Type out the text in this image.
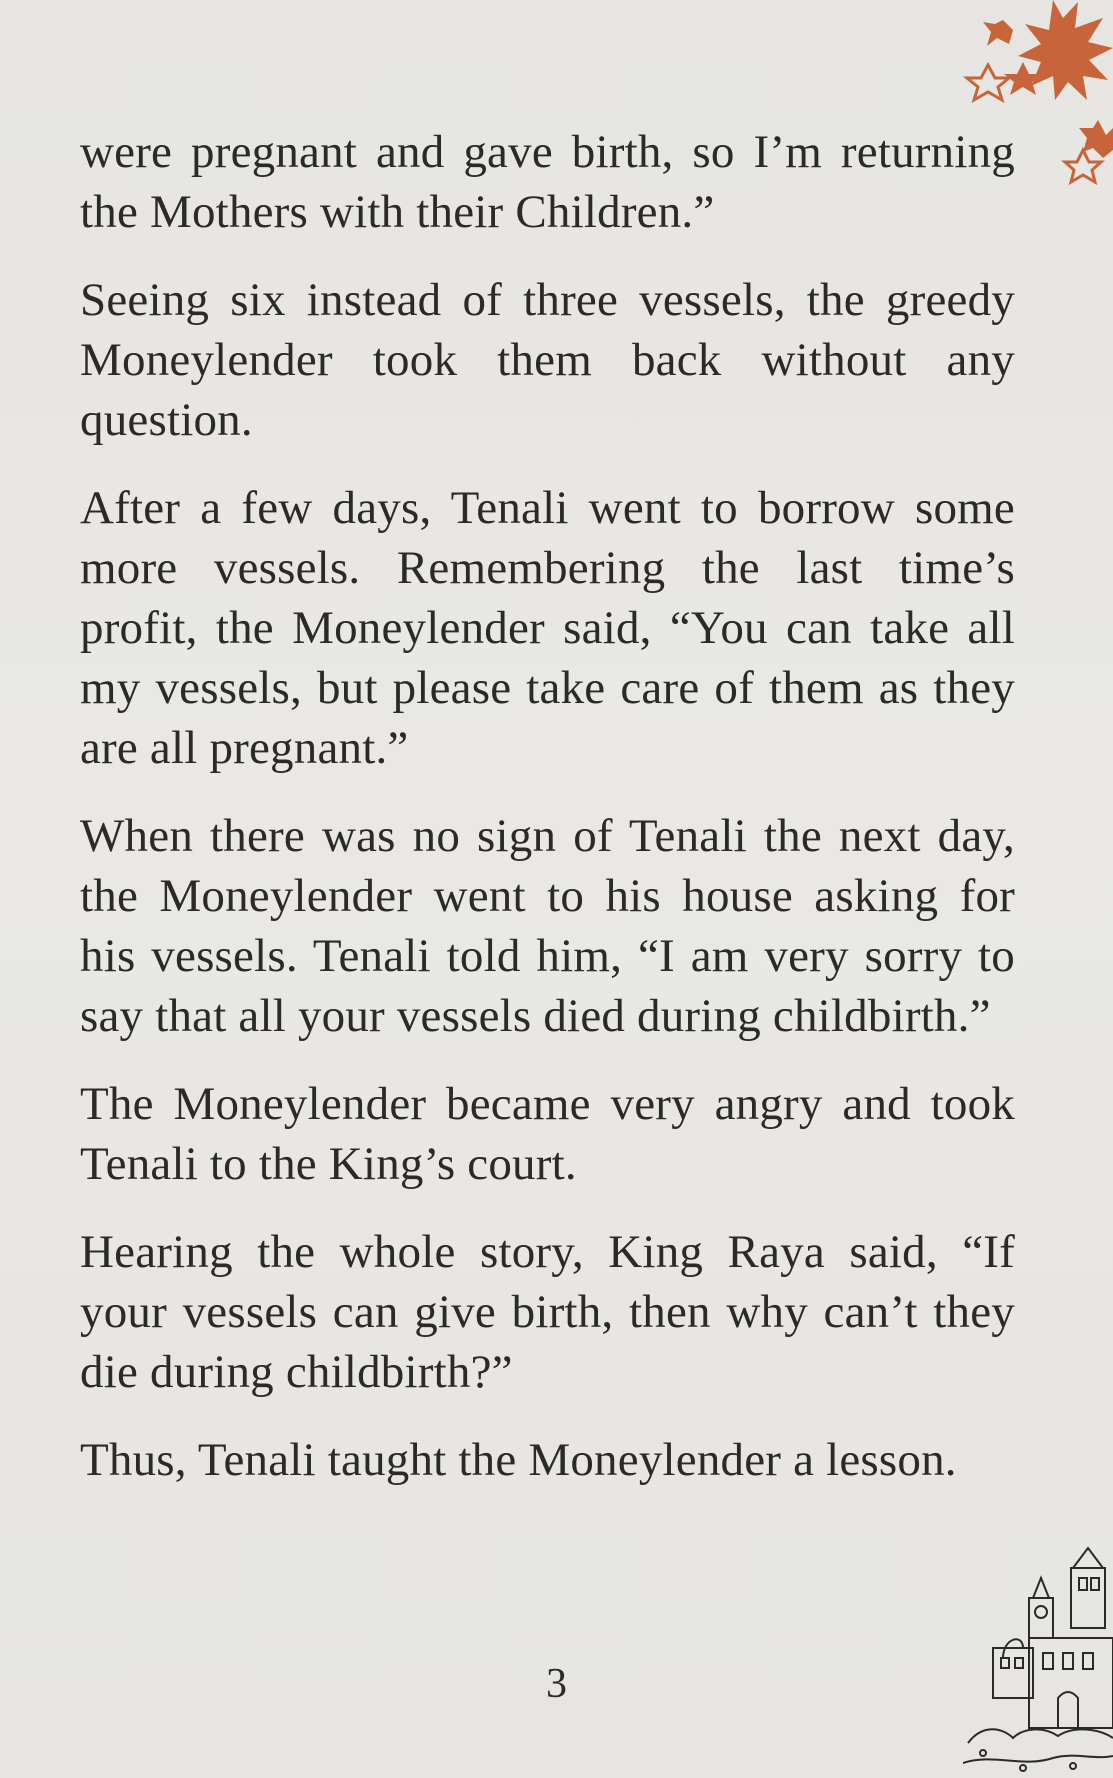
were pregnant and gave birth, so I’m returning the Mothers with their Children.”

Seeing six instead of three vessels, the greedy Moneylender took them back without any question.

After a few days, Tenali went to borrow some more vessels. Remembering the last time’s profit, the Moneylender said, “You can take all my vessels, but please take care of them as they are all pregnant.”

When there was no sign of Tenali the next day, the Moneylender went to his house asking for his vessels. Tenali told him, “I am very sorry to say that all your vessels died during childbirth.”

The Moneylender became very angry and took Tenali to the King’s court.

Hearing the whole story, King Raya said, “If your vessels can give birth, then why can’t they die during childbirth?”

Thus, Tenali taught the Moneylender a lesson.

3
